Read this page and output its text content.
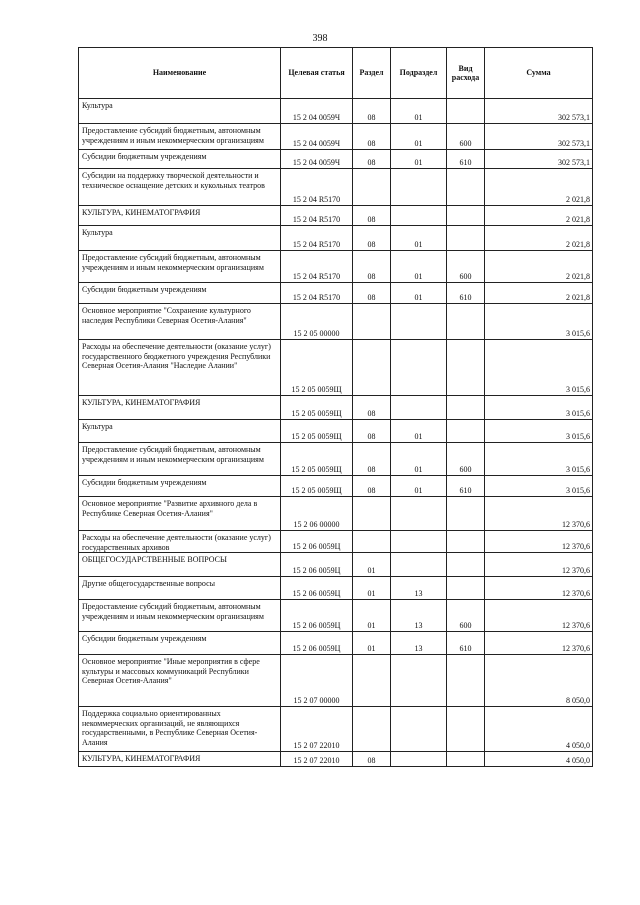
398
Наименование	Целевая статья	Раздел	Подраздел	Вид расхода	Сумма
Культура	15 2 04 0059Ч	08	01		302 573,1
Предоставление субсидий бюджетным, автономным учреждениям и иным некоммерческим организациям	15 2 04 0059Ч	08	01	600	302 573,1
Субсидии бюджетным учреждениям	15 2 04 0059Ч	08	01	610	302 573,1
Субсидии на поддержку творческой деятельности и техническое оснащение детских и кукольных театров	15 2 04 R5170				2 021,8
КУЛЬТУРА, КИНЕМАТОГРАФИЯ	15 2 04 R5170	08			2 021,8
Культура	15 2 04 R5170	08	01		2 021,8
Предоставление субсидий бюджетным, автономным учреждениям и иным некоммерческим организациям	15 2 04 R5170	08	01	600	2 021,8
Субсидии бюджетным учреждениям	15 2 04 R5170	08	01	610	2 021,8
Основное мероприятие "Сохранение культурного наследия Республики Северная Осетия-Алания"	15 2 05 00000				3 015,6
Расходы на обеспечение деятельности (оказание услуг) государственного бюджетного учреждения Республики Северная Осетия-Алания "Наследие Алании"	15 2 05 0059Щ				3 015,6
КУЛЬТУРА, КИНЕМАТОГРАФИЯ	15 2 05 0059Щ	08			3 015,6
Культура	15 2 05 0059Щ	08	01		3 015,6
Предоставление субсидий бюджетным, автономным учреждениям и иным некоммерческим организациям	15 2 05 0059Щ	08	01	600	3 015,6
Субсидии бюджетным учреждениям	15 2 05 0059Щ	08	01	610	3 015,6
Основное мероприятие "Развитие архивного дела в Республике Северная Осетия-Алания"	15 2 06 00000				12 370,6
Расходы на обеспечение деятельности (оказание услуг) государственных архивов	15 2 06 0059Ц				12 370,6
ОБЩЕГОСУДАРСТВЕННЫЕ ВОПРОСЫ	15 2 06 0059Ц	01			12 370,6
Другие общегосударственные вопросы	15 2 06 0059Ц	01	13		12 370,6
Предоставление субсидий бюджетным, автономным учреждениям и иным некоммерческим организациям	15 2 06 0059Ц	01	13	600	12 370,6
Субсидии бюджетным учреждениям	15 2 06 0059Ц	01	13	610	12 370,6
Основное мероприятие "Иные мероприятия в сфере культуры и массовых коммуникаций Республики Северная Осетия-Алания"	15 2 07 00000				8 050,0
Поддержка социально ориентированных некоммерческих организаций, не являющихся государственными, в Республике Северная Осетия-Алания	15 2 07 22010				4 050,0
КУЛЬТУРА, КИНЕМАТОГРАФИЯ	15 2 07 22010	08			4 050,0
